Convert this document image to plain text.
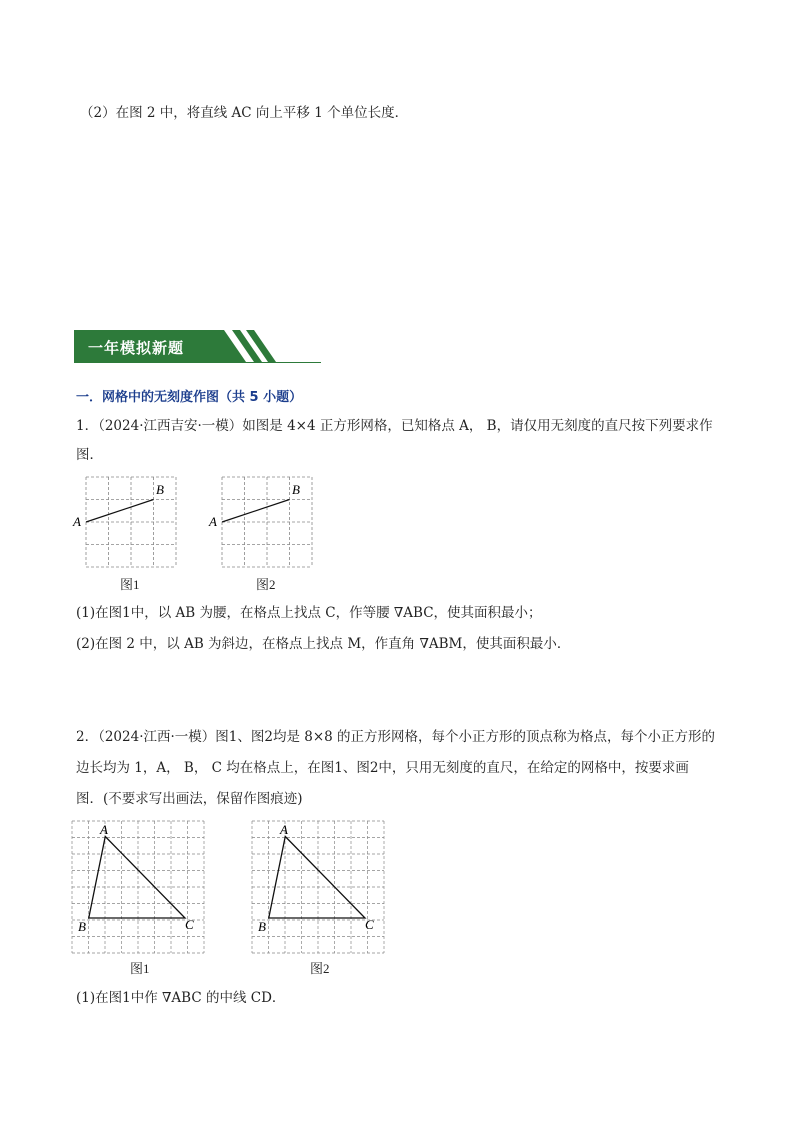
（2）在图 2 中，将直线 AC 向上平移 1 个单位长度．
一年模拟新题
一．网格中的无刻度作图（共 5 小题）
1．（2024·江西吉安·一模）如图是 4×4 正方形网格，已知格点 A， B，请仅用无刻度的直尺按下列要求作
图．
A
B
图1
A
B
图2
(1)在图1中，以 AB 为腰，在格点上找点 C，作等腰 ∇ABC，使其面积最小；
(2)在图 2 中，以 AB 为斜边，在格点上找点 M，作直角 ∇ABM，使其面积最小．
2．（2024·江西·一模）图1、图2均是 8×8 的正方形网格，每个小正方形的顶点称为格点，每个小正方形的
边长均为 1，A， B， C 均在格点上，在图1、图2中，只用无刻度的直尺，在给定的网格中，按要求画
图．(不要求写出画法，保留作图痕迹)
A
B	C
图1
A
B	C
图2
(1)在图1中作 ∇ABC 的中线 CD．
